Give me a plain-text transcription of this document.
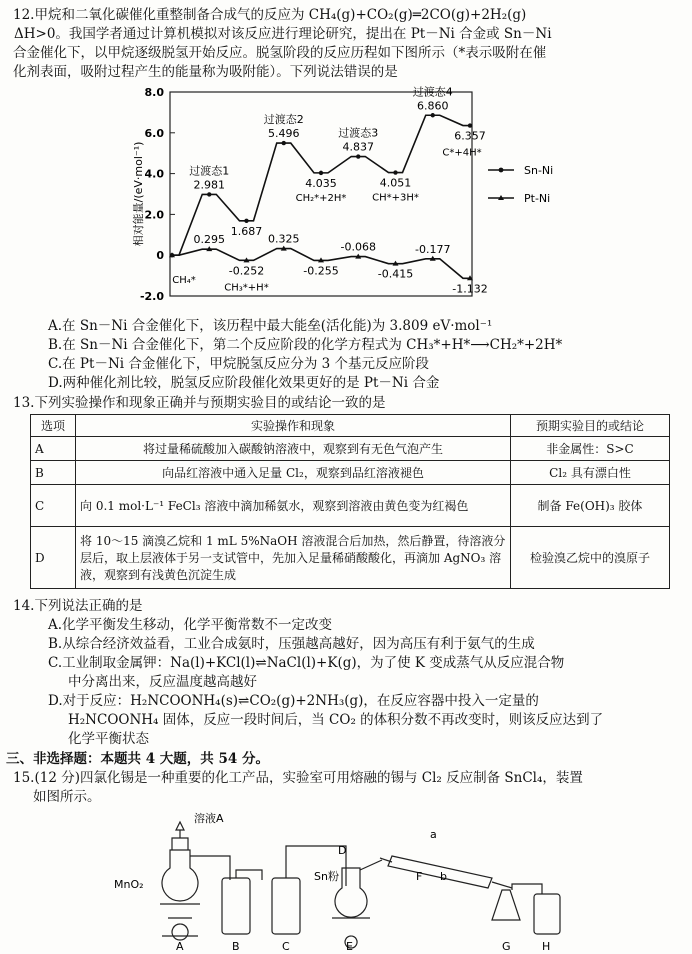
12.甲烷和二氧化碳催化重整制备合成气的反应为 CH₄(g)+CO₂(g)═2CO(g)+2H₂(g)
ΔH>0。我国学者通过计算机模拟对该反应进行理论研究，提出在 Pt－Ni 合金或 Sn－Ni
合金催化下，以甲烷逐级脱氢开始反应。脱氢阶段的反应历程如下图所示（*表示吸附在催
化剂表面，吸附过程产生的能量称为吸附能）。下列说法错误的是
8.0
6.0
4.0
2.0
0
-2.0
相对能量/(eV·mol⁻¹)	2.981
1.687
5.496
4.035
4.837
4.051
6.860
6.357
0.295
-0.252
0.325
-0.255
-0.068
-0.415
-0.177
-1.132
过渡态1
过渡态2
过渡态3
过渡态4
CH₄*
CH₃*+H*
CH₂*+2H*	CH*+3H*
C*+4H*
Sn-Ni
Pt-Ni
A.在 Sn－Ni 合金催化下，该历程中最大能垒(活化能)为 3.809 eV·mol⁻¹
B.在 Sn－Ni 合金催化下，第二个反应阶段的化学方程式为 CH₃*+H*⟶CH₂*+2H*
C.在 Pt－Ni 合金催化下，甲烷脱氢反应分为 3 个基元反应阶段
D.两种催化剂比较，脱氢反应阶段催化效果更好的是 Pt－Ni 合金
13.下列实验操作和现象正确并与预期实验目的或结论一致的是
选项	实验操作和现象	预期实验目的或结论
A	将过量稀硫酸加入碳酸钠溶液中，观察到有无色气泡产生	非金属性：S>C
B	向品红溶液中通入足量 Cl₂，观察到品红溶液褪色	Cl₂ 具有漂白性
C	向 0.1 mol·L⁻¹ FeCl₃ 溶液中滴加稀氨水，观察到溶液由黄色变为红褐色	制备 Fe(OH)₃ 胶体
D	将 10～15 滴溴乙烷和 1 mL 5%NaOH 溶液混合后加热，然后静置，待溶液分层后，取上层液体于另一支试管中，先加入足量稀硝酸酸化，再滴加 AgNO₃ 溶液，观察到有浅黄色沉淀生成	检验溴乙烷中的溴原子
14.下列说法正确的是
A.化学平衡发生移动，化学平衡常数不一定改变
B.从综合经济效益看，工业合成氨时，压强越高越好，因为高压有利于氨气的生成
C.工业制取金属钾：Na(l)+KCl(l)⇌NaCl(l)+K(g)，为了使 K 变成蒸气从反应混合物
中分离出来，反应温度越高越好
D.对于反应：H₂NCOONH₄(s)⇌CO₂(g)+2NH₃(g)，在反应容器中投入一定量的
H₂NCOONH₄ 固体，反应一段时间后，当 CO₂ 的体积分数不再改变时，则该反应达到了
化学平衡状态
三、非选择题：本题共 4 大题，共 54 分。
15.(12 分)四氯化锡是一种重要的化工产品，实验室可用熔融的锡与 Cl₂ 反应制备 SnCl₄，装置
如图所示。
溶液A
MnO₂
Sn粉
D
a
b
F
A	B	C	E	G	H
